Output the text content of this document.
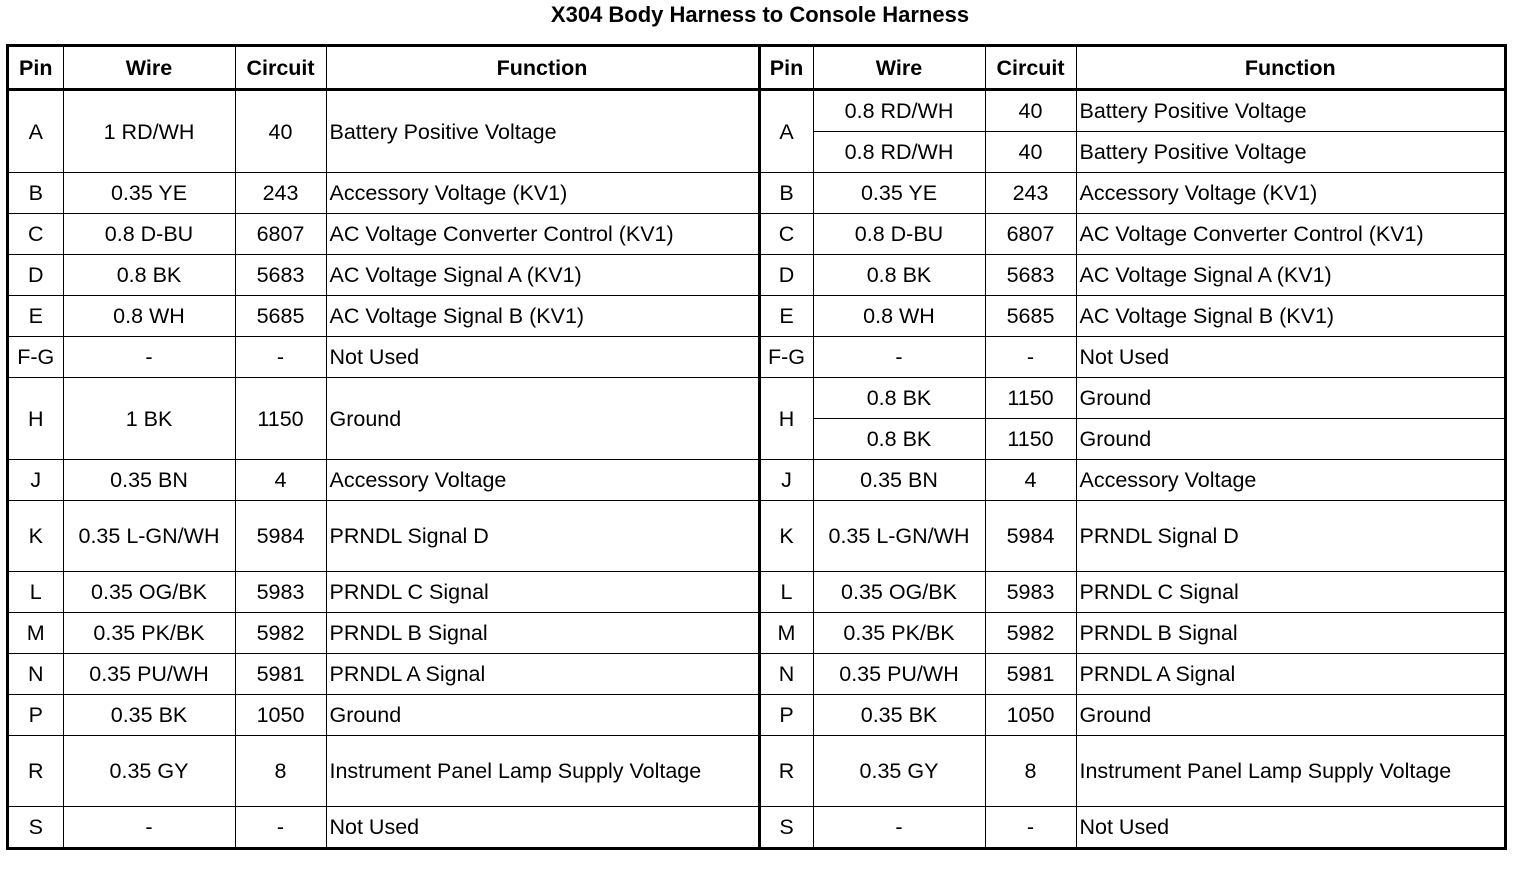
X304 Body Harness to Console Harness
Pin	Wire	Circuit	Function	Pin	Wire	Circuit	Function
A	1 RD/WH	40	Battery Positive Voltage	A	0.8 RD/WH	40	Battery Positive Voltage
					0.8 RD/WH	40	Battery Positive Voltage
B	0.35 YE	243	Accessory Voltage (KV1)	B	0.35 YE	243	Accessory Voltage (KV1)
C	0.8 D-BU	6807	AC Voltage Converter Control (KV1)	C	0.8 D-BU	6807	AC Voltage Converter Control (KV1)
D	0.8 BK	5683	AC Voltage Signal A (KV1)	D	0.8 BK	5683	AC Voltage Signal A (KV1)
E	0.8 WH	5685	AC Voltage Signal B (KV1)	E	0.8 WH	5685	AC Voltage Signal B (KV1)
F-G	-	-	Not Used	F-G	-	-	Not Used
H	1 BK	1150	Ground	H	0.8 BK	1150	Ground
					0.8 BK	1150	Ground
J	0.35 BN	4	Accessory Voltage	J	0.35 BN	4	Accessory Voltage
K	0.35 L-GN/WH	5984	PRNDL Signal D	K	0.35 L-GN/WH	5984	PRNDL Signal D
L	0.35 OG/BK	5983	PRNDL C Signal	L	0.35 OG/BK	5983	PRNDL C Signal
M	0.35 PK/BK	5982	PRNDL B Signal	M	0.35 PK/BK	5982	PRNDL B Signal
N	0.35 PU/WH	5981	PRNDL A Signal	N	0.35 PU/WH	5981	PRNDL A Signal
P	0.35 BK	1050	Ground	P	0.35 BK	1050	Ground
R	0.35 GY	8	Instrument Panel Lamp Supply Voltage	R	0.35 GY	8	Instrument Panel Lamp Supply Voltage
S	-	-	Not Used	S	-	-	Not Used
